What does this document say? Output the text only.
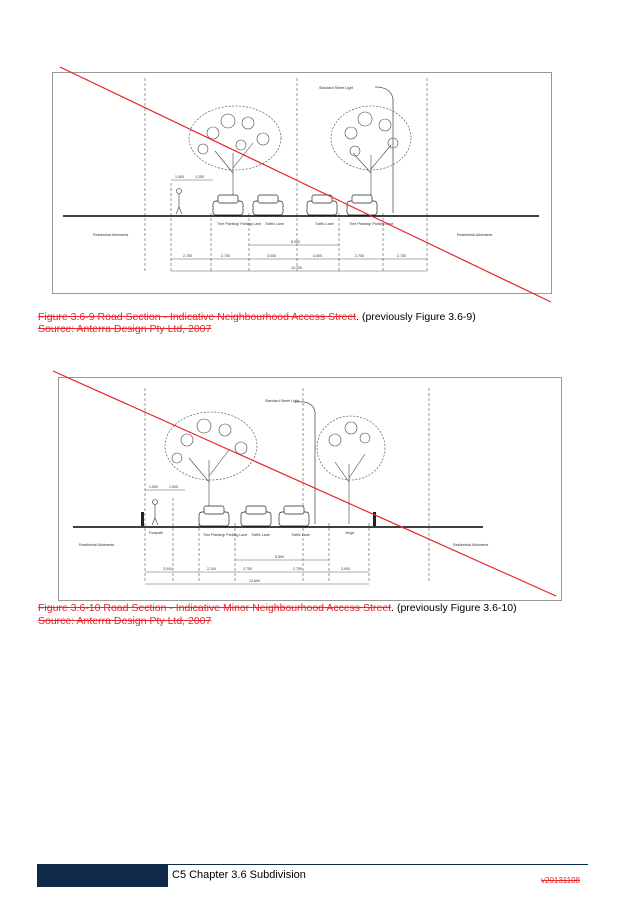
Standard Street Light
1.500	1.250
Residential Allotments
Tree Planting/ Parking Lane Traffic Lane	Traffic Lane	Tree Planting/ Parking Lane
Residential Allotments
6.000
2.750	2.700	3.000	3.000	2.700	2.750
15.700
Figure 3.6-9 Road Section - Indicative Neighbourhood Access Street. (previously Figure 3.6-9)
Source: Anterra Design Pty Ltd, 2007
Standard Street Light
1.500	1.000
Residential Allotments
Footpath	Tree Planting/ Parking Lane Traffic Lane	Traffic Lane	Verge
Residential Allotments
5.500
3.000	2.100	2.750	2.750	3.000
13.600
Figure 3.6-10 Road Section - Indicative Minor Neighbourhood Access Street. (previously Figure 3.6-10)
Source: Anterra Design Pty Ltd, 2007
C5 Chapter 3.6 Subdivision	v20131108
